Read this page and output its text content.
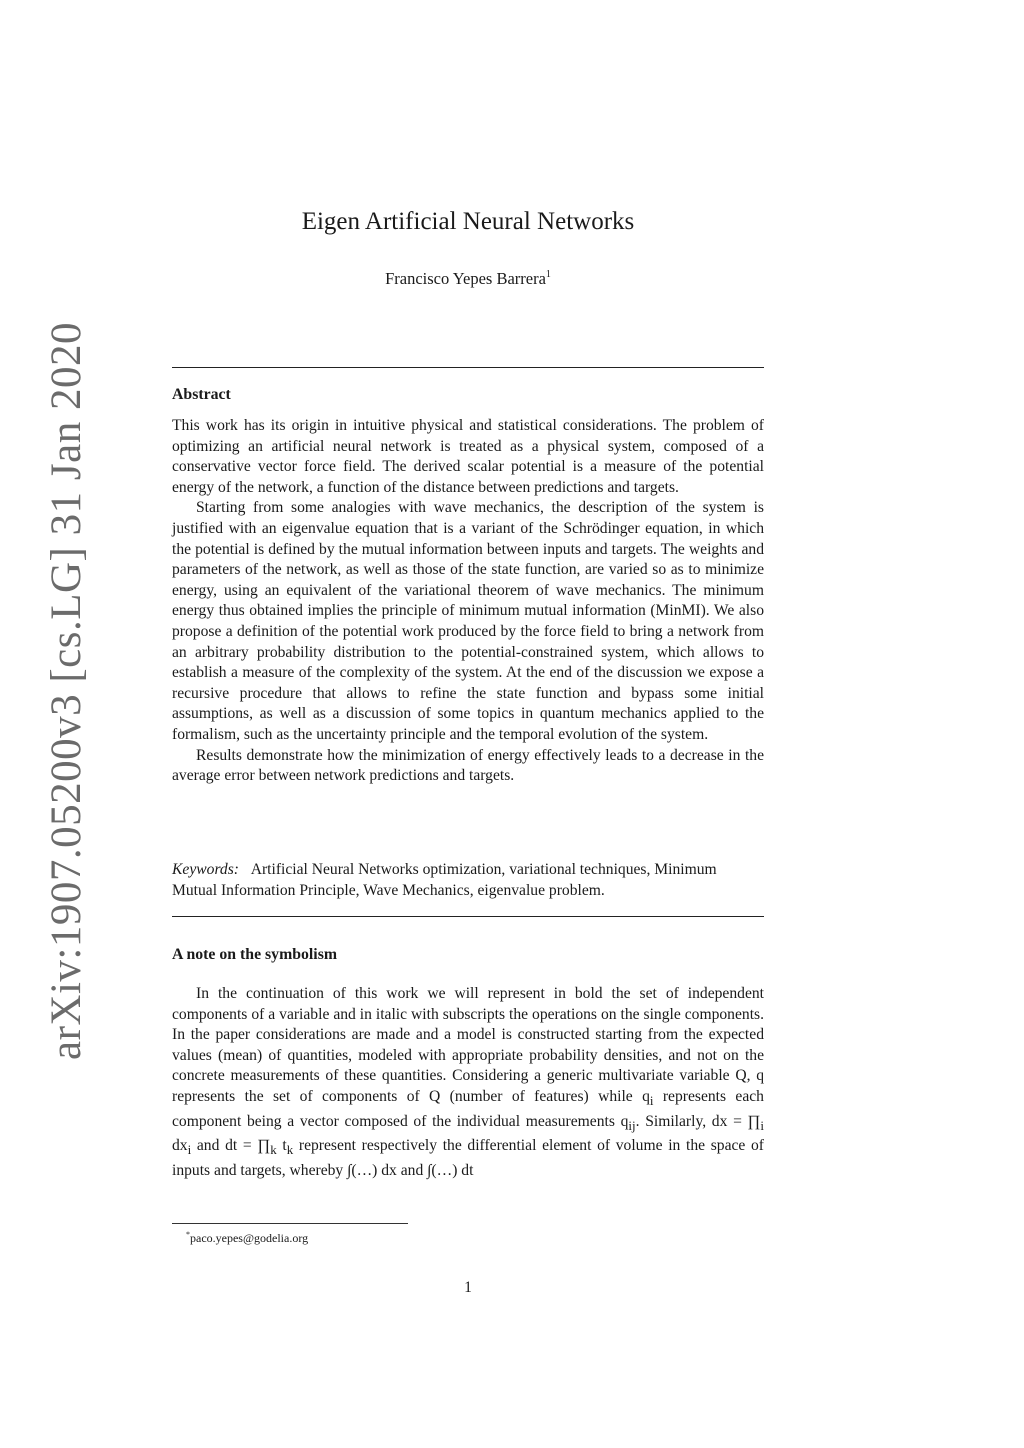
arXiv:1907.05200v3 [cs.LG] 31 Jan 2020
Eigen Artificial Neural Networks
Francisco Yepes Barrera$^1$
Abstract

This work has its origin in intuitive physical and statistical considerations. The problem of optimizing an artificial neural network is treated as a physical system, composed of a conservative vector force field. The derived scalar potential is a measure of the potential energy of the network, a function of the distance between predictions and targets.

Starting from some analogies with wave mechanics, the description of the system is justified with an eigenvalue equation that is a variant of the Schrödinger equation, in which the potential is defined by the mutual information between inputs and targets. The weights and parameters of the network, as well as those of the state function, are varied so as to minimize energy, using an equivalent of the variational theorem of wave mechanics. The minimum energy thus obtained implies the principle of minimum mutual information (MinMI). We also propose a definition of the potential work produced by the force field to bring a network from an arbitrary probability distribution to the potential-constrained system, which allows to establish a measure of the complexity of the system. At the end of the discussion we expose a recursive procedure that allows to refine the state function and bypass some initial assumptions, as well as a discussion of some topics in quantum mechanics applied to the formalism, such as the uncertainty principle and the temporal evolution of the system.

Results demonstrate how the minimization of energy effectively leads to a decrease in the average error between network predictions and targets.

Keywords: Artificial Neural Networks optimization, variational techniques, Minimum Mutual Information Principle, Wave Mechanics, eigenvalue problem.
A note on the symbolism

In the continuation of this work we will represent in bold the set of independent components of a variable and in italic with subscripts the operations on the single components. In the paper considerations are made and a model is constructed starting from the expected values (mean) of quantities, modeled with appropriate probability densities, and not on the concrete measurements of these quantities. Considering a generic multivariate variable Q, q represents the set of components of Q (number of features) while $q_i$ represents each component being a vector composed of the individual measurements $q_{ij}$. Similarly, dx = $\prod_i$ $dx_i$ and dt = $\prod_k$ $t_k$ represent respectively the differential element of volume in the space of inputs and targets, whereby ∫(…) dx and ∫(…) dt

*paco.yepes@godelia.org
1
